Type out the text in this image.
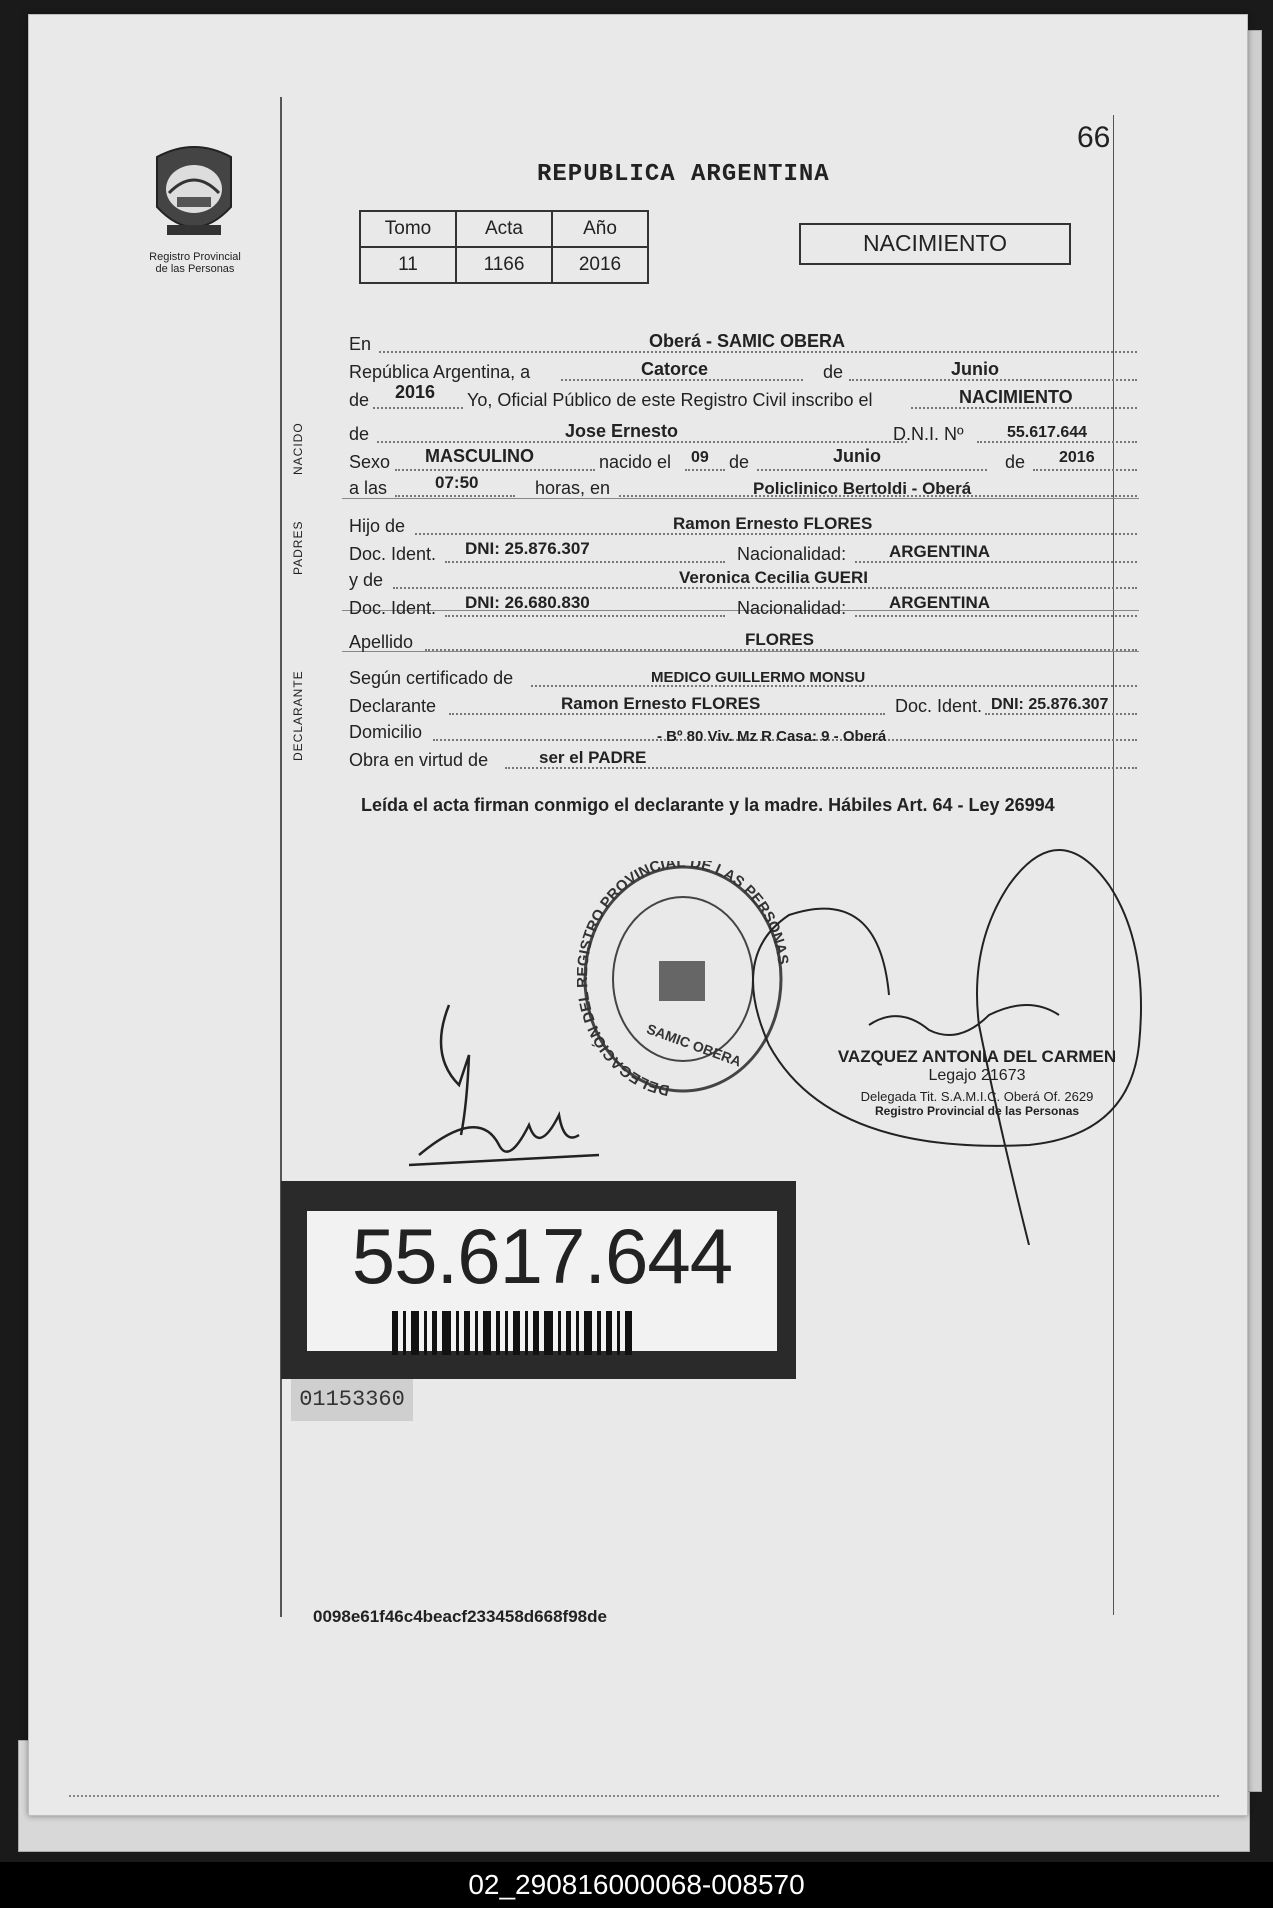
Registro Provincial
de las Personas
66
REPUBLICA ARGENTINA
Tomo	Acta	Año
11	1166	2016
NACIMIENTO
NACIDO
PADRES
DECLARANTE
En	Oberá - SAMIC OBERA
República Argentina, a	Catorce	de	Junio
de 2016 Yo, Oficial Público de este Registro Civil inscribo el	NACIMIENTO
de	Jose Ernesto	D.N.I. Nº	55.617.644
Sexo MASCULINO	nacido el 09 de	Junio	de 2016
a las	07:50	horas, en	Policlinico Bertoldi - Oberá
Hijo de	Ramon Ernesto FLORES
Doc. Ident. DNI: 25.876.307	Nacionalidad:	ARGENTINA
y de	Veronica Cecilia GUERI
Doc. Ident. DNI: 26.680.830	Nacionalidad:	ARGENTINA
Apellido	FLORES
Según certificado de	MEDICO GUILLERMO MONSU
Declarante	Ramon Ernesto FLORES	Doc. Ident. DNI: 25.876.307
Domicilio	- Bº 80 Viv. Mz R Casa: 9 - Oberá
Obra en virtud de	ser el PADRE
Leída el acta firman conmigo el declarante y la madre. Hábiles Art. 64 - Ley 26994
DELEGACIÓN DE ISTRO PROVINCIAL DE LAS PERSONA
SAMIC OBERA	VAZQUEZ ANTONIA DEL CARMEN
Legajo 21673
Delegada Tit. S.A.M.I.C. Oberá Of. 2629
Registro Provincial de las Personas
55.617.644
01153360
0098e61f46c4beacf233458d668f98de
02_290816000068-008570
